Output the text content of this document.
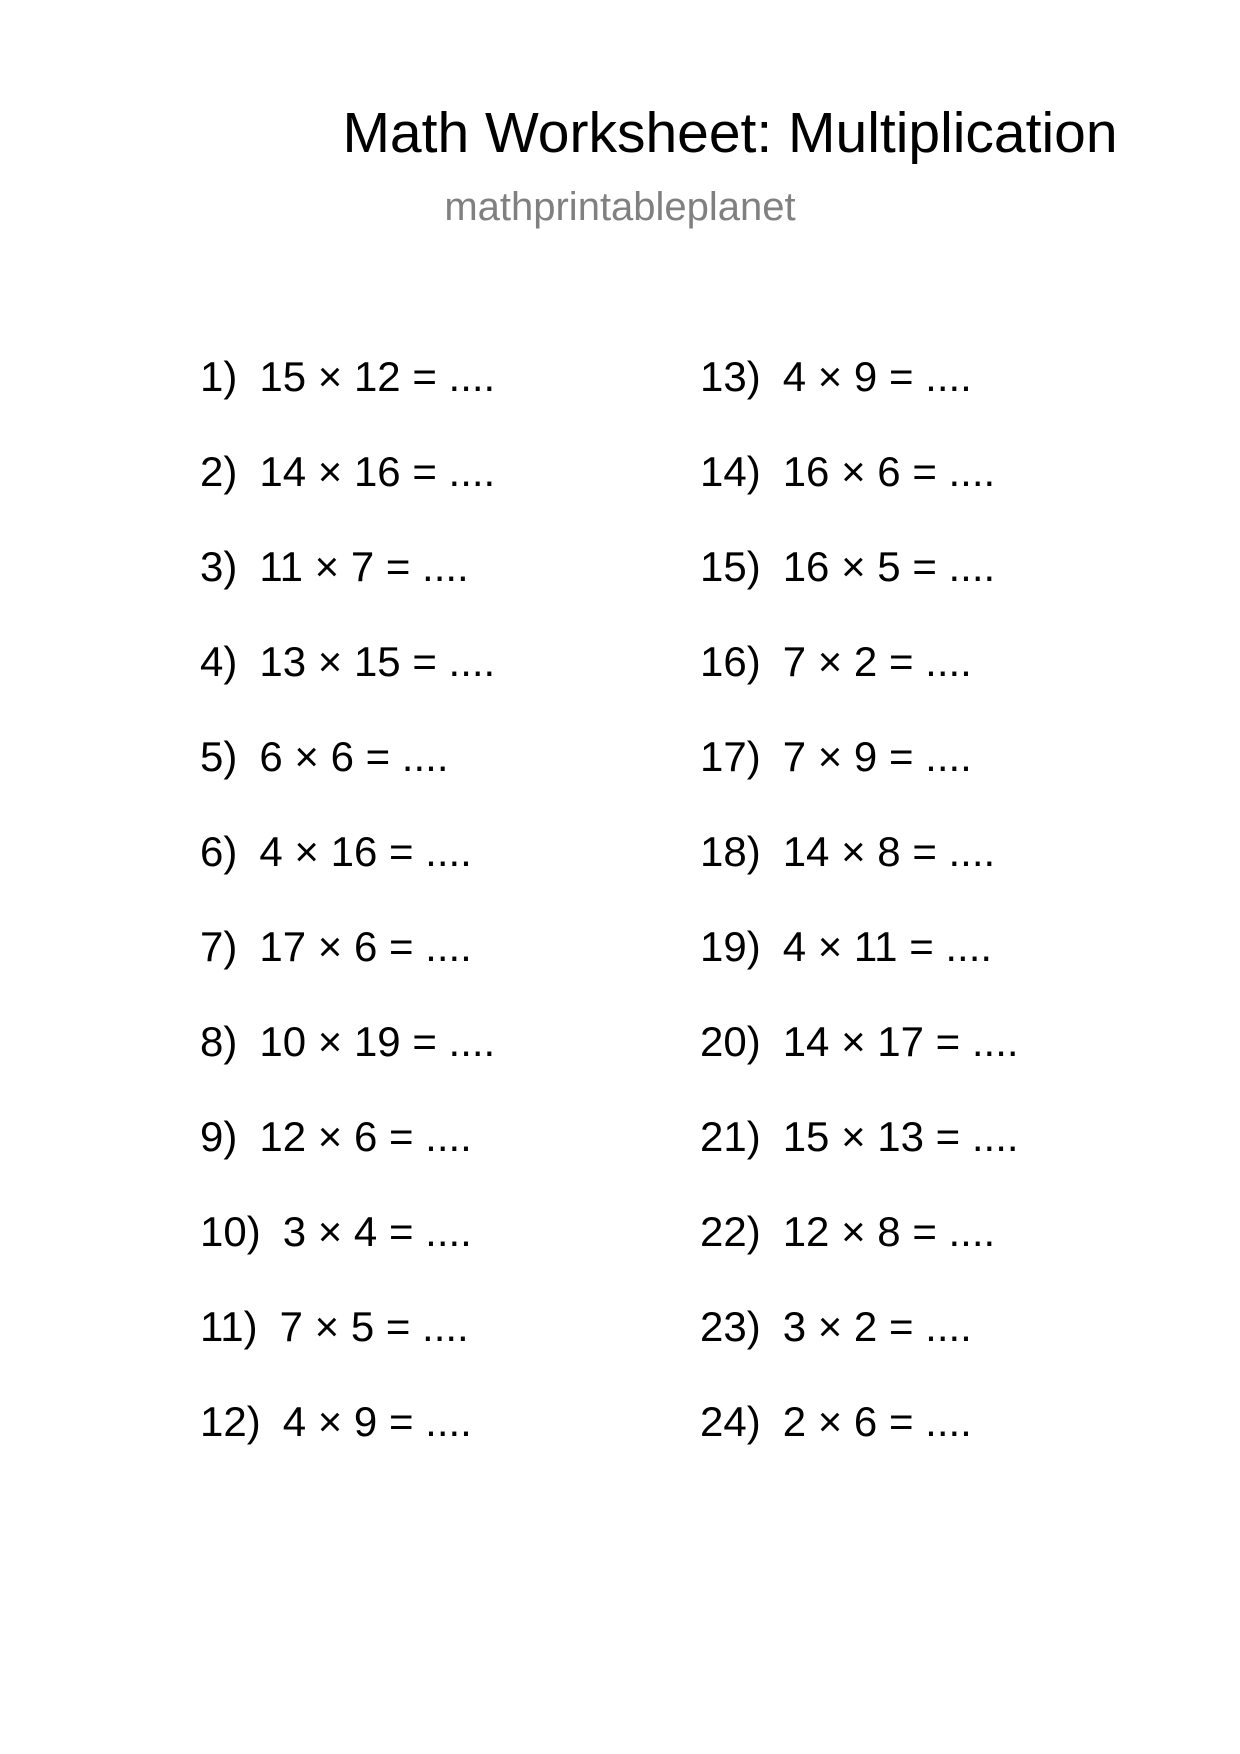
Math Worksheet: Multiplication
mathprintableplanet
1) 15 × 12 = ....
2) 14 × 16 = ....
3) 11 × 7 = ....
4) 13 × 15 = ....
5) 6 × 6 = ....
6) 4 × 16 = ....
7) 17 × 6 = ....
8) 10 × 19 = ....
9) 12 × 6 = ....
10) 3 × 4 = ....
11) 7 × 5 = ....
12) 4 × 9 = ....
13) 4 × 9 = ....
14) 16 × 6 = ....
15) 16 × 5 = ....
16) 7 × 2 = ....
17) 7 × 9 = ....
18) 14 × 8 = ....
19) 4 × 11 = ....
20) 14 × 17 = ....
21) 15 × 13 = ....
22) 12 × 8 = ....
23) 3 × 2 = ....
24) 2 × 6 = ....
